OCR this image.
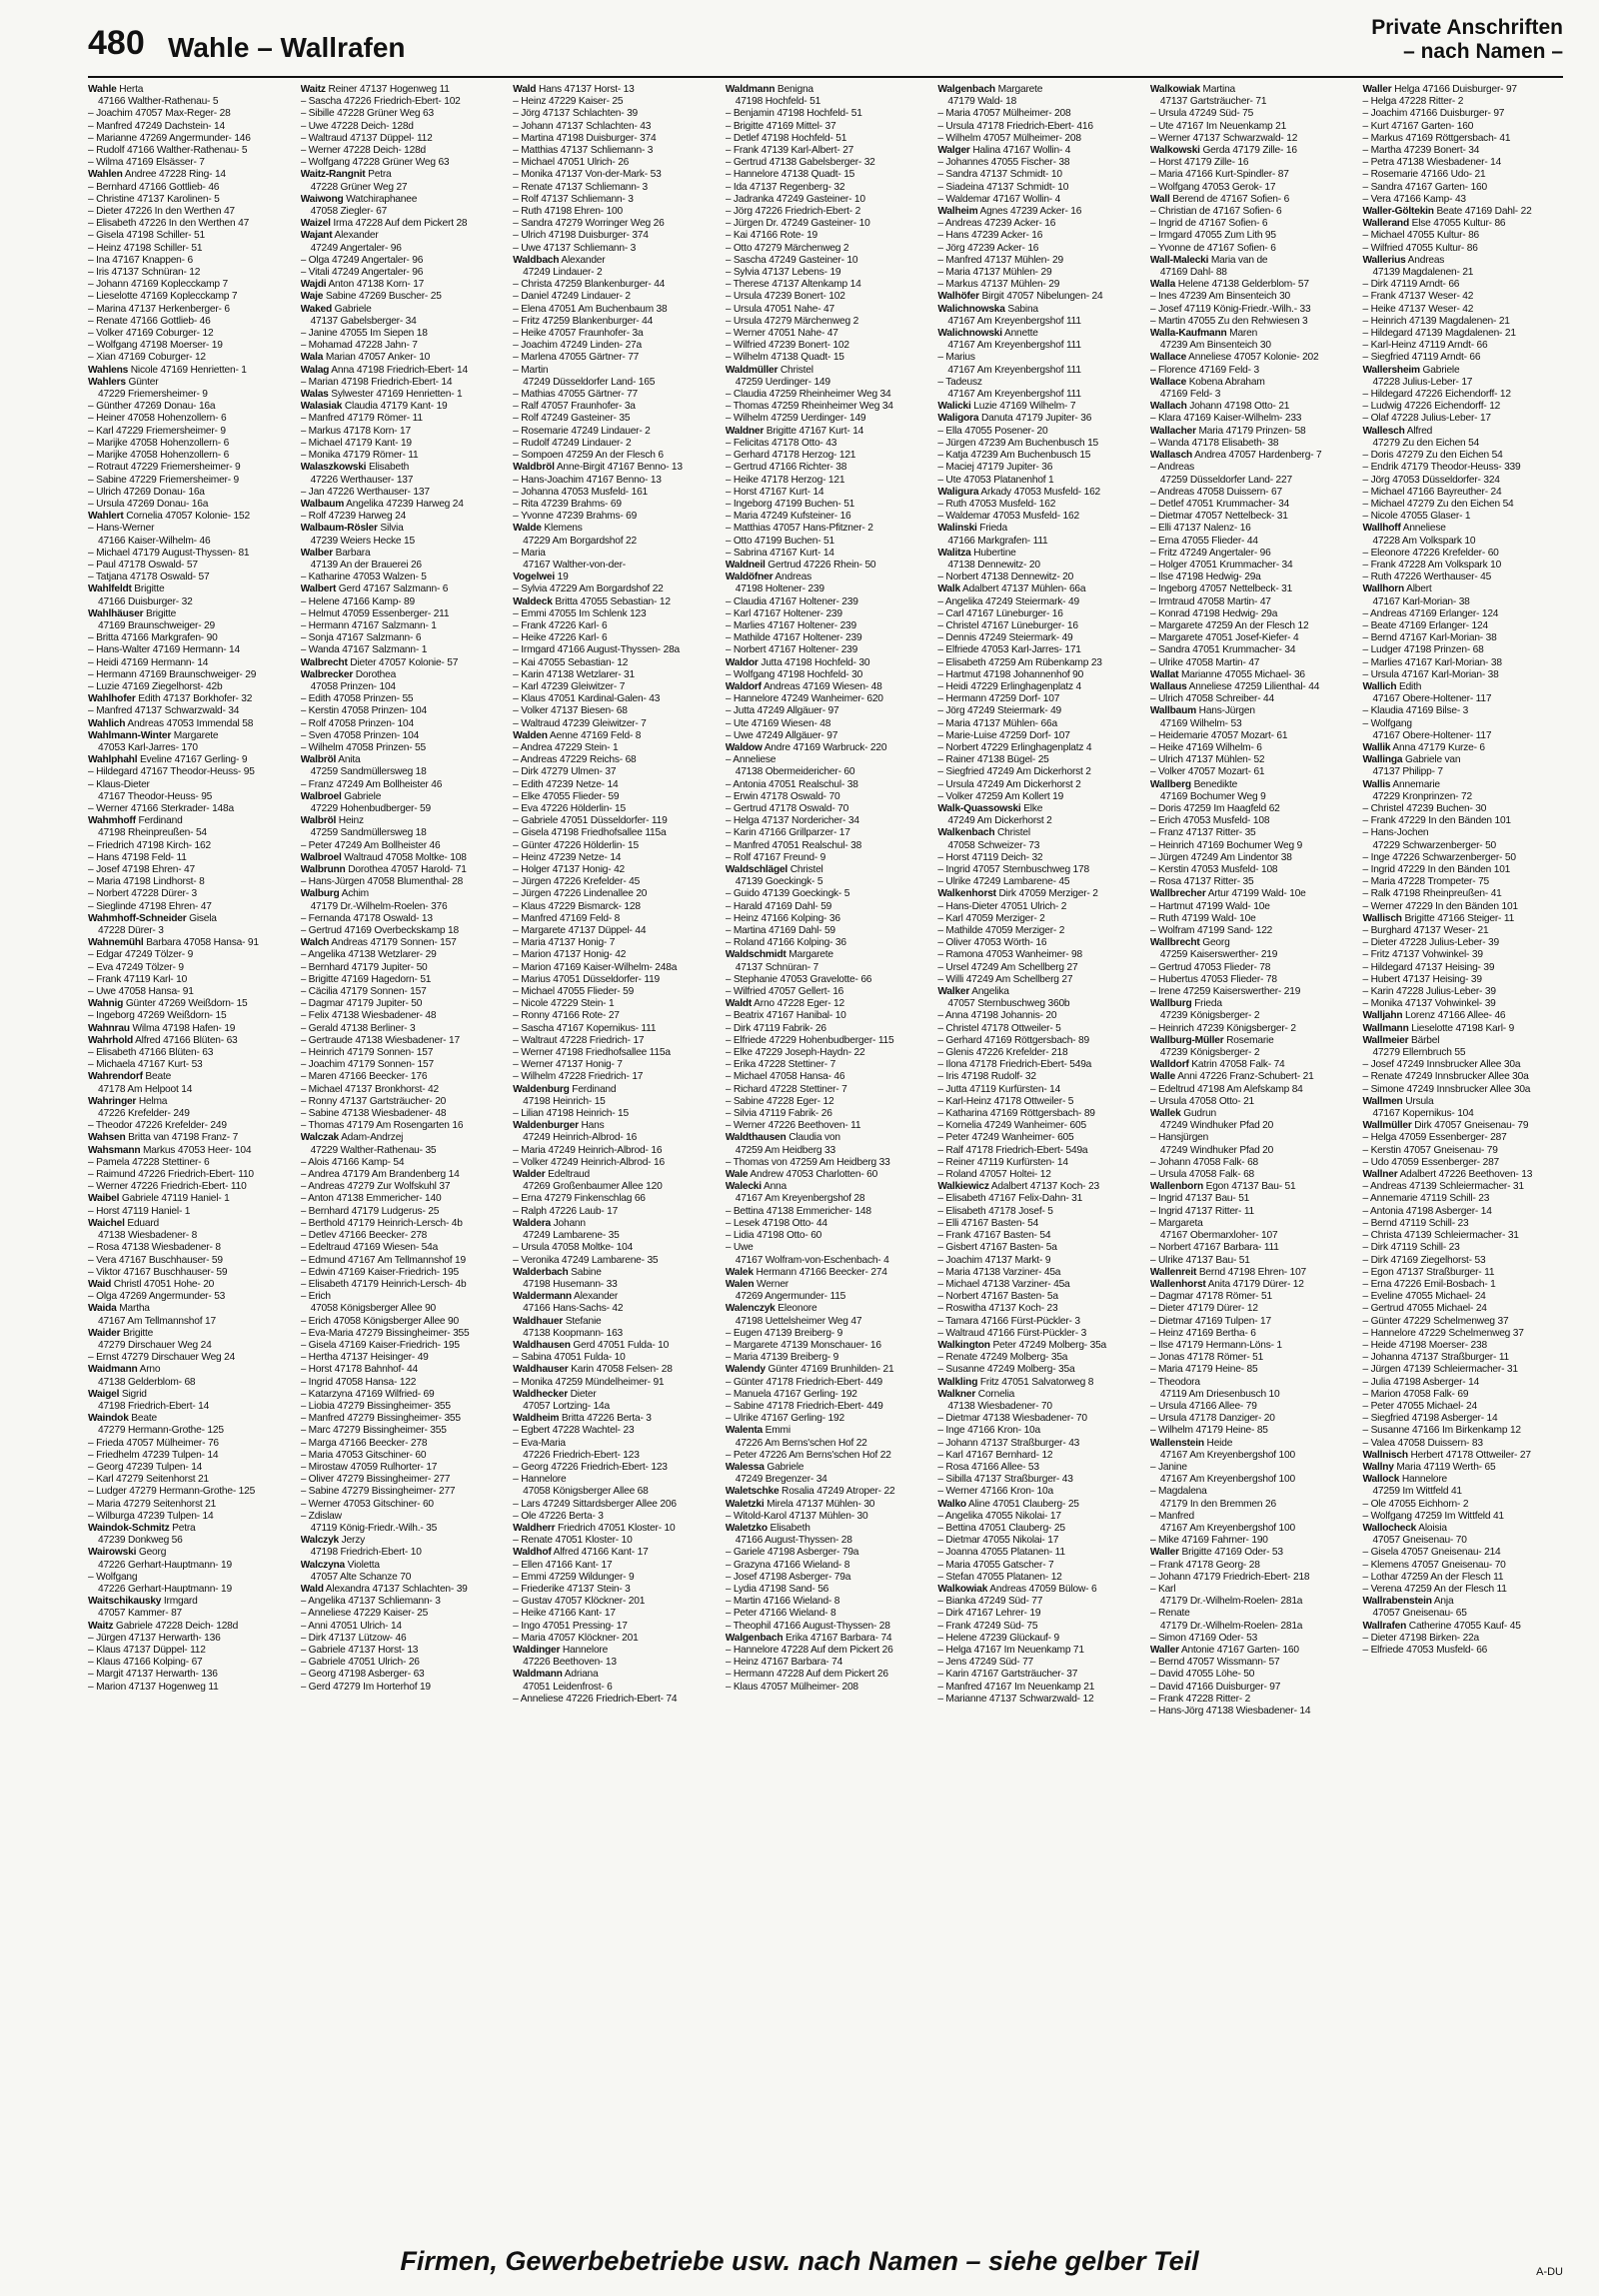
480 Wahle – Wallrafen
Private Anschriften
– nach Namen –
Wahle Herta
47166 Walther-Rathenau- 5
– Joachim 47057 Max-Reger- 28
– Manfred 47249 Dachstein- 14
– Marianne 47269 Angermunder- 146
– Rudolf 47166 Walther-Rathenau- 5
– Wilma 47169 Elsässer- 7
Wahlen Andree 47228 Ring- 14
– Bernhard 47166 Gottlieb- 46
– Christine 47137 Karolinen- 5
– Dieter 47226 In den Werthen 47
– Elisabeth 47226 In den Werthen 47
– Gisela 47198 Schiller- 51
– Heinz 47198 Schiller- 51
– Ina 47167 Knappen- 6
– Iris 47137 Schnüran- 12
– Johann 47169 Koplecckamp 7
– Lieselotte 47169 Koplecckamp 7
– Marina 47137 Herkenberger- 6
– Renate 47166 Gottlieb- 46
– Volker 47169 Coburger- 12
– Wolfgang 47198 Moerser- 19
– Xian 47169 Coburger- 12
Wahlens Nicole 47169 Henrietten- 1
Wahlers Günter
47229 Friemersheimer- 9
– Günther 47269 Donau- 16a
– Heiner 47058 Hohenzollern- 6
– Karl 47229 Friemersheimer- 9
– Marijke 47058 Hohenzollern- 6
– Marijke 47058 Hohenzollern- 6
– Rotraut 47229 Friemersheimer- 9
– Sabine 47229 Friemersheimer- 9
– Ulrich 47269 Donau- 16a
– Ursula 47269 Donau- 16a
Wahlert Cornelia 47057 Kolonie- 152
– Hans-Werner
47166 Kaiser-Wilhelm- 46
– Michael 47179 August-Thyssen- 81
– Paul 47178 Oswald- 57
– Tatjana 47178 Oswald- 57
Wahlfeldt Brigitte
47166 Duisburger- 32
Wahlhäuser Brigitte
47169 Braunschweiger- 29
– Britta 47166 Markgrafen- 90
– Hans-Walter 47169 Hermann- 14
– Heidi 47169 Hermann- 14
– Hermann 47169 Braunschweiger- 29
– Luzie 47169 Ziegelhorst- 42b
Wahlhofer Edith 47137 Borkhofer- 32
– Manfred 47137 Schwarzwald- 34
Wahlich Andreas 47053 Immendal 58
Wahlmann-Winter Margarete
47053 Karl-Jarres- 170
Wahlphahl Eveline 47167 Gerling- 9
– Hildegard 47167 Theodor-Heuss- 95
– Klaus-Dieter
47167 Theodor-Heuss- 95
– Werner 47166 Sterkrader- 148a
Wahmhoff Ferdinand
47198 Rheinpreußen- 54
– Friedrich 47198 Kirch- 162
– Hans 47198 Feld- 11
– Josef 47198 Ehren- 47
– Maria 47198 Lindhorst- 8
– Norbert 47228 Dürer- 3
– Sieglinde 47198 Ehren- 47
Wahmhoff-Schneider Gisela
47228 Dürer- 3
Wahnemühl Barbara 47058 Hansa- 91
– Edgar 47249 Tölzer- 9
– Eva 47249 Tölzer- 9
– Frank 47119 Karl- 10
– Uwe 47058 Hansa- 91
Wahnig Günter 47269 Weißdorn- 15
– Ingeborg 47269 Weißdorn- 15
Wahnrau Wilma 47198 Hafen- 19
Wahrhold Alfred 47166 Blüten- 63
– Elisabeth 47166 Blüten- 63
– Michaela 47167 Kurt- 53
Wahrendorf Beate
47178 Am Helpoot 14
Wahringer Helma
47226 Krefelder- 249
– Theodor 47226 Krefelder- 249
Wahsen Britta van 47198 Franz- 7
Wahsmann Markus 47053 Heer- 104
– Pamela 47228 Stettiner- 6
– Raimund 47226 Friedrich-Ebert- 110
– Werner 47226 Friedrich-Ebert- 110
Waibel Gabriele 47119 Haniel- 1
– Horst 47119 Haniel- 1
Waichel Eduard
47138 Wiesbadener- 8
– Rosa 47138 Wiesbadener- 8
– Vera 47167 Buschhauser- 59
– Viktor 47167 Buschhauser- 59
Waid Christl 47051 Hohe- 20
– Olga 47269 Angermunder- 53
Waida Martha
47167 Am Tellmannshof 17
Waider Brigitte
47279 Dirschauer Weg 24
– Ernst 47279 Dirschauer Weg 24
Waidmann Arno
47138 Gelderblom- 68
Waigel Sigrid
47198 Friedrich-Ebert- 14
Waindok Beate
47279 Hermann-Grothe- 125
– Frieda 47057 Mülheimer- 76
– Friedhelm 47239 Tulpen- 14
– Georg 47239 Tulpen- 14
– Karl 47279 Seitenhorst 21
– Ludger 47279 Hermann-Grothe- 125
– Maria 47279 Seitenhorst 21
– Wilburga 47239 Tulpen- 14
Waindok-Schmitz Petra
47239 Donkweg 56
Wairowski Georg
47226 Gerhart-Hauptmann- 19
– Wolfgang
47226 Gerhart-Hauptmann- 19
Waitschikausky Irmgard
47057 Kammer- 87
Waitz Gabriele 47228 Deich- 128d
– Jürgen 47137 Herwarth- 136
– Klaus 47137 Düppel- 112
– Klaus 47166 Kolping- 67
– Margit 47137 Herwarth- 136
– Marion 47137 Hogenweg 11
Waitz Reiner 47137 Hogenweg 11
– Sascha 47226 Friedrich-Ebert- 102
– Sibille 47228 Grüner Weg 63
– Uwe 47228 Deich- 128d
– Waltraud 47137 Düppel- 112
– Werner 47228 Deich- 128d
– Wolfgang 47228 Grüner Weg 63
Waitz-Rangnit Petra
47228 Grüner Weg 27
Waiwong Watchiraphanee
47058 Ziegler- 67
Waizel Irma 47228 Auf dem Pickert 28
Wajant Alexander
47249 Angertaler- 96
– Olga 47249 Angertaler- 96
– Vitali 47249 Angertaler- 96
Wajdi Anton 47138 Korn- 17
Waje Sabine 47269 Buscher- 25
Waked Gabriele
47137 Gabelsberger- 34
– Janine 47055 Im Siepen 18
– Mohamad 47228 Jahn- 7
Wala Marian 47057 Anker- 10
Walag Anna 47198 Friedrich-Ebert- 14
– Marian 47198 Friedrich-Ebert- 14
Walas Sylwester 47169 Henrietten- 1
Walasiak Claudia 47179 Kant- 19
– Manfred 47179 Römer- 11
– Markus 47178 Korn- 17
– Michael 47179 Kant- 19
– Monika 47179 Römer- 11
Walaszkowski Elisabeth
47226 Werthauser- 137
– Jan 47226 Werthauser- 137
Walbaum Angelika 47239 Harweg 24
– Rolf 47239 Harweg 24
Walbaum-Rösler Silvia
47239 Weiers Hecke 15
Walber Barbara
47139 An der Brauerei 26
– Katharine 47053 Walzen- 5
Walbert Gerd 47167 Salzmann- 6
– Helene 47166 Kamp- 89
– Helmut 47059 Essenberger- 211
– Hermann 47167 Salzmann- 1
– Sonja 47167 Salzmann- 6
– Wanda 47167 Salzmann- 1
Walbrecht Dieter 47057 Kolonie- 57
Walbrecker Dorothea
47058 Prinzen- 104
– Edith 47058 Prinzen- 55
– Kerstin 47058 Prinzen- 104
– Rolf 47058 Prinzen- 104
– Sven 47058 Prinzen- 104
– Wilhelm 47058 Prinzen- 55
Walbröl Anita
47259 Sandmüllersweg 18
– Franz 47249 Am Bollheister 46
Walbroel Gabriele
47229 Hohenbudberger- 59
Walbröl Heinz
47259 Sandmüllersweg 18
– Peter 47249 Am Bollheister 46
Walbroel Waltraud 47058 Moltke- 108
Walbrunn Dorothea 47057 Harold- 71
– Hans-Jürgen 47058 Blumenthal- 28
Walburg Achim
47179 Dr.-Wilhelm-Roelen- 376
– Fernanda 47178 Oswald- 13
– Gertrud 47169 Overbeckskamp 18
Walch Andreas 47179 Sonnen- 157
– Angelika 47138 Wetzlarer- 29
– Bernhard 47179 Jupiter- 50
– Brigitte 47169 Hagedorn- 51
– Cäcilia 47179 Sonnen- 157
– Dagmar 47179 Jupiter- 50
– Felix 47138 Wiesbadener- 48
– Gerald 47138 Berliner- 3
– Gertraude 47138 Wiesbadener- 17
– Heinrich 47179 Sonnen- 157
– Joachim 47179 Sonnen- 157
– Maren 47166 Beecker- 176
– Michael 47137 Bronkhorst- 42
– Ronny 47137 Gartsträucher- 20
– Sabine 47138 Wiesbadener- 48
– Thomas 47179 Am Rosengarten 16
Walczak Adam-Andrzej
47229 Walther-Rathenau- 35
– Alois 47166 Kamp- 54
– Andrea 47179 Am Brandenberg 14
– Andreas 47279 Zur Wolfskuhl 37
– Anton 47138 Emmericher- 140
– Bernhard 47179 Ludgerus- 25
– Berthold 47179 Heinrich-Lersch- 4b
– Detlev 47166 Beecker- 278
– Edeltraud 47169 Wiesen- 54a
– Edmund 47167 Am Tellmannshof 19
– Edwin 47169 Kaiser-Friedrich- 195
– Elisabeth 47179 Heinrich-Lersch- 4b
– Erich
47058 Königsberger Allee 90
– Erich 47058 Königsberger Allee 90
– Eva-Maria 47279 Bissingheimer- 355
– Gisela 47169 Kaiser-Friedrich- 195
– Hertha 47137 Heisinger- 49
– Horst 47178 Bahnhof- 44
– Ingrid 47058 Hansa- 122
– Katarzyna 47169 Wilfried- 69
– Liobia 47279 Bissingheimer- 355
– Manfred 47279 Bissingheimer- 355
– Marc 47279 Bissingheimer- 355
– Marga 47166 Beecker- 278
– Maria 47053 Gitschiner- 60
– Mirostaw 47059 Rulhorter- 17
– Oliver 47279 Bissingheimer- 277
– Sabine 47279 Bissingheimer- 277
– Werner 47053 Gitschiner- 60
– Zdislaw
47119 König-Friedr.-Wilh.- 35
Walczyk Jerzy
47198 Friedrich-Ebert- 10
Walczyna Violetta
47057 Alte Schanze 70
Wald Alexandra 47137 Schlachten- 39
– Angelika 47137 Schliemann- 3
– Anneliese 47229 Kaiser- 25
– Anni 47051 Ulrich- 14
– Dirk 47137 Lützow- 46
– Gabriele 47137 Horst- 13
– Gabriele 47051 Ulrich- 26
– Georg 47198 Asberger- 63
– Gerd 47279 Im Horterhof 19
Wald Hans 47137 Horst- 13
– Heinz 47229 Kaiser- 25
– Jörg 47137 Schlachten- 39
– Johann 47137 Schlachten- 43
– Martina 47198 Duisburger- 374
– Matthias 47137 Schliemann- 3
– Michael 47051 Ulrich- 26
– Monika 47137 Von-der-Mark- 53
– Renate 47137 Schliemann- 3
– Rolf 47137 Schliemann- 3
– Ruth 47198 Ehren- 100
– Sandra 47279 Worringer Weg 26
– Ulrich 47198 Duisburger- 374
– Uwe 47137 Schliemann- 3
Waldbach Alexander
47249 Lindauer- 2
– Christa 47259 Blankenburger- 44
– Daniel 47249 Lindauer- 2
– Elena 47051 Am Buchenbaum 38
– Fritz 47259 Blankenburger- 44
– Heike 47057 Fraunhofer- 3a
– Joachim 47249 Linden- 27a
– Marlena 47055 Gärtner- 77
– Martin
47249 Düsseldorfer Land- 165
– Mathias 47055 Gärtner- 77
– Ralf 47057 Fraunhofer- 3a
– Rolf 47249 Gasteiner- 35
– Rosemarie 47249 Lindauer- 2
– Rudolf 47249 Lindauer- 2
– Sompoen 47259 An der Flesch 6
Waldbröl Anne-Birgit 47167 Benno- 13
– Hans-Joachim 47167 Benno- 13
– Johanna 47053 Musfeld- 161
– Rita 47239 Brahms- 69
– Yvonne 47239 Brahms- 69
Walde Klemens
47229 Am Borgardshof 22
– Maria
47167 Walther-von-der-
Vogelwei 19
– Sylvia 47229 Am Borgardshof 22
Waldeck Britta 47055 Sebastian- 12
– Emmi 47055 Im Schlenk 123
– Frank 47226 Karl- 6
– Heike 47226 Karl- 6
– Irmgard 47166 August-Thyssen- 28a
– Kai 47055 Sebastian- 12
– Karin 47138 Wetzlarer- 31
– Karl 47239 Gleiwitzer- 7
– Klaus 47051 Kardinal-Galen- 43
– Volker 47137 Biesen- 68
– Waltraud 47239 Gleiwitzer- 7
Walden Aenne 47169 Feld- 8
– Andrea 47229 Stein- 1
– Andreas 47229 Reichs- 68
– Dirk 47279 Ulmen- 37
– Edith 47239 Netze- 14
– Elke 47055 Flieder- 59
– Eva 47226 Hölderlin- 15
– Gabriele 47051 Düsseldorfer- 119
– Gisela 47198 Friedhofsallee 115a
– Günter 47226 Hölderlin- 15
– Heinz 47239 Netze- 14
– Holger 47137 Honig- 42
– Jürgen 47226 Krefelder- 45
– Jürgen 47226 Lindenallee 20
– Klaus 47229 Bismarck- 128
– Manfred 47169 Feld- 8
– Margarete 47137 Düppel- 44
– Maria 47137 Honig- 7
– Marion 47137 Honig- 42
– Marion 47169 Kaiser-Wilhelm- 248a
– Marius 47051 Düsseldorfer- 119
– Michael 47055 Flieder- 59
– Nicole 47229 Stein- 1
– Ronny 47166 Rote- 27
– Sascha 47167 Kopernikus- 111
– Waltraut 47228 Friedrich- 17
– Werner 47198 Friedhofsallee 115a
– Werner 47137 Honig- 7
– Wilhelm 47228 Friedrich- 17
Waldenburg Ferdinand
47198 Heinrich- 15
– Lilian 47198 Heinrich- 15
Waldenburger Hans
47249 Heinrich-Albrod- 16
– Maria 47249 Heinrich-Albrod- 16
– Volker 47249 Heinrich-Albrod- 16
Walder Edeltraud
47269 Großenbaumer Allee 120
– Erna 47279 Finkenschlag 66
– Ralph 47226 Laub- 17
Waldera Johann
47249 Lambarene- 35
– Ursula 47058 Moltke- 104
– Veronika 47249 Lambarene- 35
Walderbach Sabine
47198 Husemann- 33
Waldermann Alexander
47166 Hans-Sachs- 42
Waldhauer Stefanie
47138 Koopmann- 163
Waldhausen Gerd 47051 Fulda- 10
– Sabina 47051 Fulda- 10
Waldhauser Karin 47058 Felsen- 28
– Monika 47259 Mündelheimer- 91
Waldhecker Dieter
47057 Lortzing- 14a
Waldheim Britta 47226 Berta- 3
– Egbert 47228 Wachtel- 23
– Eva-Maria
47226 Friedrich-Ebert- 123
– Georg 47226 Friedrich-Ebert- 123
– Hannelore
47058 Königsberger Allee 68
– Lars 47249 Sittardsberger Allee 206
– Ole 47226 Berta- 3
Waldherr Friedrich 47051 Kloster- 10
– Renate 47051 Kloster- 10
Waldhof Alfred 47166 Kant- 17
– Ellen 47166 Kant- 17
– Emmi 47259 Wildunger- 9
– Friederike 47137 Stein- 3
– Gustav 47057 Klöckner- 201
– Heike 47166 Kant- 17
– Ingo 47051 Pressing- 17
– Maria 47057 Klöckner- 201
Waldinger Hannelore
47226 Beethoven- 13
Waldmann Adriana
47051 Leidenfrost- 6
– Anneliese 47226 Friedrich-Ebert- 74
Waldmann Benigna
47198 Hochfeld- 51
– Benjamin 47198 Hochfeld- 51
– Brigitte 47169 Mittel- 37
– Detlef 47198 Hochfeld- 51
– Frank 47139 Karl-Albert- 27
– Gertrud 47138 Gabelsberger- 32
– Hannelore 47138 Quadt- 15
– Ida 47137 Regenberg- 32
– Jadranka 47249 Gasteiner- 10
– Jörg 47226 Friedrich-Ebert- 2
– Jürgen Dr. 47249 Gasteiner- 10
– Kai 47166 Rote- 19
– Otto 47279 Märchenweg 2
– Sascha 47249 Gasteiner- 10
– Sylvia 47137 Lebens- 19
– Therese 47137 Altenkamp 14
– Ursula 47239 Bonert- 102
– Ursula 47051 Nahe- 47
– Ursula 47279 Märchenweg 2
– Werner 47051 Nahe- 47
– Wilfried 47239 Bonert- 102
– Wilhelm 47138 Quadt- 15
Waldmüller Christel
47259 Uerdinger- 149
– Claudia 47259 Rheinheimer Weg 34
– Thomas 47259 Rheinheimer Weg 34
– Wilhelm 47259 Uerdinger- 149
Waldner Brigitte 47167 Kurt- 14
– Felicitas 47178 Otto- 43
– Gerhard 47178 Herzog- 121
– Gertrud 47166 Richter- 38
– Heike 47178 Herzog- 121
– Horst 47167 Kurt- 14
– Ingeborg 47199 Buchen- 51
– Maria 47249 Kufsteiner- 16
– Matthias 47057 Hans-Pfitzner- 2
– Otto 47199 Buchen- 51
– Sabrina 47167 Kurt- 14
Waldneil Gertrud 47226 Rhein- 50
Waldöfner Andreas
47198 Holtener- 239
– Claudia 47167 Holtener- 239
– Karl 47167 Holtener- 239
– Marlies 47167 Holtener- 239
– Mathilde 47167 Holtener- 239
– Norbert 47167 Holtener- 239
Waldor Jutta 47198 Hochfeld- 30
– Wolfgang 47198 Hochfeld- 30
Waldorf Andreas 47169 Wiesen- 48
– Hannelore 47249 Wanheimer- 620
– Jutta 47249 Allgäuer- 97
– Ute 47169 Wiesen- 48
– Uwe 47249 Allgäuer- 97
Waldow Andre 47169 Warbruck- 220
– Anneliese
47138 Obermeidericher- 60
– Antonia 47051 Realschul- 38
– Erwin 47178 Oswald- 70
– Gertrud 47178 Oswald- 70
– Helga 47137 Nordericher- 34
– Karin 47166 Grillparzer- 17
– Manfred 47051 Realschul- 38
– Rolf 47167 Freund- 9
Waldschlägel Christel
47139 Goeckingk- 5
– Guido 47139 Goeckingk- 5
– Harald 47169 Dahl- 59
– Heinz 47166 Kolping- 36
– Martina 47169 Dahl- 59
– Roland 47166 Kolping- 36
Waldschmidt Margarete
47137 Schnüran- 7
– Stephanie 47053 Gravelotte- 66
– Wilfried 47057 Gellert- 16
Waldt Arno 47228 Eger- 12
– Beatrix 47167 Hanibal- 10
– Dirk 47119 Fabrik- 26
– Elfriede 47229 Hohenbudberger- 115
– Elke 47229 Joseph-Haydn- 22
– Erika 47228 Stettiner- 7
– Michael 47058 Hansa- 46
– Richard 47228 Stettiner- 7
– Sabine 47228 Eger- 12
– Silvia 47119 Fabrik- 26
– Werner 47226 Beethoven- 11
Waldthausen Claudia von
47259 Am Heidberg 33
– Thomas von 47259 Am Heidberg 33
Wale Andrew 47053 Charlotten- 60
Walecki Anna
47167 Am Kreyenbergshof 28
– Bettina 47138 Emmericher- 148
– Lesek 47198 Otto- 44
– Lidia 47198 Otto- 60
– Uwe
47167 Wolfram-von-Eschenbach- 4
Walek Hermann 47166 Beecker- 274
Walen Werner
47269 Angermunder- 115
Walenczyk Eleonore
47198 Uettelsheimer Weg 47
– Eugen 47139 Breiberg- 9
– Margarete 47139 Monschauer- 16
– Maria 47139 Breiberg- 9
Walendy Günter 47169 Brunhilden- 21
– Günter 47178 Friedrich-Ebert- 449
– Manuela 47167 Gerling- 192
– Sabine 47178 Friedrich-Ebert- 449
– Ulrike 47167 Gerling- 192
Walenta Emmi
47226 Am Berns'schen Hof 22
– Peter 47226 Am Berns'schen Hof 22
Walessa Gabriele
47249 Bregenzer- 34
Waletschke Rosalia 47249 Atroper- 22
Waletzki Mirela 47137 Mühlen- 30
– Witold-Karol 47137 Mühlen- 30
Waletzko Elisabeth
47166 August-Thyssen- 28
– Gariele 47198 Asberger- 79a
– Grazyna 47166 Wieland- 8
– Josef 47198 Asberger- 79a
– Lydia 47198 Sand- 56
– Martin 47166 Wieland- 8
– Peter 47166 Wieland- 8
– Theophil 47166 August-Thyssen- 28
Walgenbach Erika 47167 Barbara- 74
– Hannelore 47228 Auf dem Pickert 26
– Heinz 47167 Barbara- 74
– Hermann 47228 Auf dem Pickert 26
– Klaus 47057 Mülheimer- 208
Walgenbach Margarete
47179 Wald- 18
– Maria 47057 Mülheimer- 208
– Ursula 47178 Friedrich-Ebert- 416
– Wilhelm 47057 Mülheimer- 208
Walger Halina 47167 Wollin- 4
– Johannes 47055 Fischer- 38
– Sandra 47137 Schmidt- 10
– Siadeina 47137 Schmidt- 10
– Waldemar 47167 Wollin- 4
Walheim Agnes 47239 Acker- 16
– Andreas 47239 Acker- 16
– Hans 47239 Acker- 16
– Jörg 47239 Acker- 16
– Manfred 47137 Mühlen- 29
– Maria 47137 Mühlen- 29
– Markus 47137 Mühlen- 29
Walhöfer Birgit 47057 Nibelungen- 24
Walichnowska Sabina
47167 Am Kreyenbergshof 111
Walichnowski Annette
47167 Am Kreyenbergshof 111
– Marius
47167 Am Kreyenbergshof 111
– Tadeusz
47167 Am Kreyenbergshof 111
Walicki Luzie 47169 Wilhelm- 7
Waligora Danuta 47179 Jupiter- 36
– Ella 47055 Posener- 20
– Jürgen 47239 Am Buchenbusch 15
– Katja 47239 Am Buchenbusch 15
– Maciej 47179 Jupiter- 36
– Ute 47053 Platanenhof 1
Waligura Arkady 47053 Musfeld- 162
– Ruth 47053 Musfeld- 162
– Waldemar 47053 Musfeld- 162
Walinski Frieda
47166 Markgrafen- 111
Walitza Hubertine
47138 Dennewitz- 20
– Norbert 47138 Dennewitz- 20
Walk Adalbert 47137 Mühlen- 66a
– Angelika 47249 Steiermark- 49
– Carl 47167 Lüneburger- 16
– Christel 47167 Lüneburger- 16
– Dennis 47249 Steiermark- 49
– Elfriede 47053 Karl-Jarres- 171
– Elisabeth 47259 Am Rübenkamp 23
– Hartmut 47198 Johannenhof 90
– Heidi 47229 Erlinghagenplatz 4
– Hermann 47259 Dorf- 107
– Jörg 47249 Steiermark- 49
– Maria 47137 Mühlen- 66a
– Marie-Luise 47259 Dorf- 107
– Norbert 47229 Erlinghagenplatz 4
– Rainer 47138 Bügel- 25
– Siegfried 47249 Am Dickerhorst 2
– Ursula 47249 Am Dickerhorst 2
– Volker 47259 Am Kollert 19
Walk-Quassowski Elke
47249 Am Dickerhorst 2
Walkenbach Christel
47058 Schweizer- 73
– Horst 47119 Deich- 32
– Ingrid 47057 Sternbuschweg 178
– Ulrike 47249 Lambarene- 45
Walkenhorst Dirk 47059 Merziger- 2
– Hans-Dieter 47051 Ulrich- 2
– Karl 47059 Merziger- 2
– Mathilde 47059 Merziger- 2
– Oliver 47053 Wörth- 16
– Ramona 47053 Wanheimer- 98
– Ursel 47249 Am Schellberg 27
– Willi 47249 Am Schellberg 27
Walker Angelika
47057 Sternbuschweg 360b
– Anna 47198 Johannis- 20
– Christel 47178 Ottweiler- 5
– Gerhard 47169 Röttgersbach- 89
– Glenis 47226 Krefelder- 218
– Ilona 47178 Friedrich-Ebert- 549a
– Iris 47198 Rudolf- 32
– Jutta 47119 Kurfürsten- 14
– Karl-Heinz 47178 Ottweiler- 5
– Katharina 47169 Röttgersbach- 89
– Kornelia 47249 Wanheimer- 605
– Peter 47249 Wanheimer- 605
– Ralf 47178 Friedrich-Ebert- 549a
– Reiner 47119 Kurfürsten- 14
– Roland 47057 Holtei- 12
Walkiewicz Adalbert 47137 Koch- 23
– Elisabeth 47167 Felix-Dahn- 31
– Elisabeth 47178 Josef- 5
– Elli 47167 Basten- 54
– Frank 47167 Basten- 54
– Gisbert 47167 Basten- 5a
– Joachim 47137 Markt- 9
– Maria 47138 Varziner- 45a
– Michael 47138 Varziner- 45a
– Norbert 47167 Basten- 5a
– Roswitha 47137 Koch- 23
– Tamara 47166 Fürst-Pückler- 3
– Waltraud 47166 Fürst-Pückler- 3
Walkington Peter 47249 Molberg- 35a
– Renate 47249 Molberg- 35a
– Susanne 47249 Molberg- 35a
Walkling Fritz 47051 Salvatorweg 8
Walkner Cornelia
47138 Wiesbadener- 70
– Dietmar 47138 Wiesbadener- 70
– Inge 47166 Kron- 10a
– Johann 47137 Straßburger- 43
– Karl 47167 Bernhard- 12
– Rosa 47166 Allee- 53
– Sibilla 47137 Straßburger- 43
– Werner 47166 Kron- 10a
Walko Aline 47051 Clauberg- 25
– Angelika 47055 Nikolai- 17
– Bettina 47051 Clauberg- 25
– Dietmar 47055 Nikolai- 17
– Joanna 47055 Platanen- 11
– Maria 47055 Gatscher- 7
– Stefan 47055 Platanen- 12
Walkowiak Andreas 47059 Bülow- 6
– Bianka 47249 Süd- 77
– Dirk 47167 Lehrer- 19
– Frank 47249 Süd- 75
– Helene 47239 Glückauf- 9
– Helga 47167 Im Neuenkamp 71
– Jens 47249 Süd- 77
– Karin 47167 Gartsträucher- 37
– Manfred 47167 Im Neuenkamp 21
– Marianne 47137 Schwarzwald- 12
Walkowiak Martina
47137 Gartsträucher- 71
– Ursula 47249 Süd- 75
– Ute 47167 Im Neuenkamp 21
– Werner 47137 Schwarzwald- 12
Walkowski Gerda 47179 Zille- 16
– Horst 47179 Zille- 16
– Maria 47166 Kurt-Spindler- 87
– Wolfgang 47053 Gerok- 17
Wall Berend de 47167 Sofien- 6
– Christian de 47167 Sofien- 6
– Ingrid de 47167 Sofien- 6
– Irmgard 47055 Zum Lith 95
– Yvonne de 47167 Sofien- 6
Wall-Malecki Maria van de
47169 Dahl- 88
Walla Helene 47138 Gelderblom- 57
– Ines 47239 Am Binsenteich 30
– Josef 47119 König-Friedr.-Wilh.- 33
– Martin 47055 Zu den Rehwiesen 3
Walla-Kaufmann Maren
47239 Am Binsenteich 30
Wallace Anneliese 47057 Kolonie- 202
– Florence 47169 Feld- 3
Wallace Kobena Abraham
47169 Feld- 3
Wallach Johann 47198 Otto- 21
– Klara 47169 Kaiser-Wilhelm- 233
Wallacher Maria 47179 Prinzen- 58
– Wanda 47178 Elisabeth- 38
Wallasch Andrea 47057 Hardenberg- 7
– Andreas
47259 Düsseldorfer Land- 227
– Andreas 47058 Duissern- 67
– Detlef 47051 Krummacher- 34
– Dietmar 47057 Nettelbeck- 31
– Elli 47137 Nalenz- 16
– Erna 47055 Flieder- 44
– Fritz 47249 Angertaler- 96
– Holger 47051 Krummacher- 34
– Ilse 47198 Hedwig- 29a
– Ingeborg 47057 Nettelbeck- 31
– Irmtraud 47058 Martin- 47
– Konrad 47198 Hedwig- 29a
– Margarete 47259 An der Flesch 12
– Margarete 47051 Josef-Kiefer- 4
– Sandra 47051 Krummacher- 34
– Ulrike 47058 Martin- 47
Wallat Marianne 47055 Michael- 36
Wallaus Anneliese 47259 Lilienthal- 44
– Ulrich 47058 Schreiber- 44
Wallbaum Hans-Jürgen
47169 Wilhelm- 53
– Heidemarie 47057 Mozart- 61
– Heike 47169 Wilhelm- 6
– Ulrich 47137 Mühlen- 52
– Volker 47057 Mozart- 61
Wallberg Benedikte
47169 Bochumer Weg 9
– Doris 47259 Im Haagfeld 62
– Erich 47053 Musfeld- 108
– Franz 47137 Ritter- 35
– Heinrich 47169 Bochumer Weg 9
– Jürgen 47249 Am Lindentor 38
– Kerstin 47053 Musfeld- 108
– Rosa 47137 Ritter- 35
Wallbrecher Artur 47199 Wald- 10e
– Hartmut 47199 Wald- 10e
– Ruth 47199 Wald- 10e
– Wolfram 47199 Sand- 122
Wallbrecht Georg
47259 Kaiserswerther- 219
– Gertrud 47053 Flieder- 78
– Hubertus 47053 Flieder- 78
– Irene 47259 Kaiserswerther- 219
Wallburg Frieda
47239 Königsberger- 2
– Heinrich 47239 Königsberger- 2
Wallburg-Müller Rosemarie
47239 Königsberger- 2
Walldorf Katrin 47058 Falk- 74
Walle Anni 47226 Franz-Schubert- 21
– Edeltrud 47198 Am Alefskamp 84
– Ursula 47058 Otto- 21
Wallek Gudrun
47249 Windhuker Pfad 20
– Hansjürgen
47249 Windhuker Pfad 20
– Johann 47058 Falk- 68
– Ursula 47058 Falk- 68
Wallenborn Egon 47137 Bau- 51
– Ingrid 47137 Bau- 51
– Ingrid 47137 Ritter- 11
– Margareta
47167 Obermarxloher- 107
– Norbert 47167 Barbara- 111
– Ulrike 47137 Bau- 51
Wallenreit Bernd 47198 Ehren- 107
Wallenhorst Anita 47179 Dürer- 12
– Dagmar 47178 Römer- 51
– Dieter 47179 Dürer- 12
– Dietmar 47169 Tulpen- 17
– Heinz 47169 Bertha- 6
– Ilse 47179 Hermann-Löns- 1
– Jonas 47178 Römer- 51
– Maria 47179 Heine- 85
– Theodora
47119 Am Driesenbusch 10
– Ursula 47166 Allee- 79
– Ursula 47178 Danziger- 20
– Wilhelm 47179 Heine- 85
Wallenstein Heide
47167 Am Kreyenbergshof 100
– Janine
47167 Am Kreyenbergshof 100
– Magdalena
47179 In den Bremmen 26
– Manfred
47167 Am Kreyenbergshof 100
– Mike 47169 Fahrner- 190
Waller Brigitte 47169 Oder- 53
– Frank 47178 Georg- 28
– Johann 47179 Friedrich-Ebert- 218
– Karl
47179 Dr.-Wilhelm-Roelen- 281a
– Renate
47179 Dr.-Wilhelm-Roelen- 281a
– Simon 47169 Oder- 53
Waller Antonie 47167 Garten- 160
– Bernd 47057 Wissmann- 57
– David 47055 Löhe- 50
– David 47166 Duisburger- 97
– Frank 47228 Ritter- 2
– Hans-Jörg 47138 Wiesbadener- 14
Waller Helga 47166 Duisburger- 97
– Helga 47228 Ritter- 2
– Joachim 47166 Duisburger- 97
– Kurt 47167 Garten- 160
– Markus 47169 Röttgersbach- 41
– Martha 47239 Bonert- 34
– Petra 47138 Wiesbadener- 14
– Rosemarie 47166 Udo- 21
– Sandra 47167 Garten- 160
– Vera 47166 Kamp- 43
Waller-Göltekin Beate 47169 Dahl- 22
Wallerand Else 47055 Kultur- 86
– Michael 47055 Kultur- 86
– Wilfried 47055 Kultur- 86
Wallerius Andreas
47139 Magdalenen- 21
– Dirk 47119 Arndt- 66
– Frank 47137 Weser- 42
– Heike 47137 Weser- 42
– Heinrich 47139 Magdalenen- 21
– Hildegard 47139 Magdalenen- 21
– Karl-Heinz 47119 Arndt- 66
– Siegfried 47119 Arndt- 66
Wallersheim Gabriele
47228 Julius-Leber- 17
– Hildegard 47226 Eichendorff- 12
– Ludwig 47226 Eichendorff- 12
– Olaf 47228 Julius-Leber- 17
Wallesch Alfred
47279 Zu den Eichen 54
– Doris 47279 Zu den Eichen 54
– Endrik 47179 Theodor-Heuss- 339
– Jörg 47053 Düsseldorfer- 324
– Michael 47166 Bayreuther- 24
– Michael 47279 Zu den Eichen 54
– Nicole 47055 Glaser- 1
Wallhoff Anneliese
47228 Am Volkspark 10
– Eleonore 47226 Krefelder- 60
– Frank 47228 Am Volkspark 10
– Ruth 47226 Werthauser- 45
Wallhorn Albert
47167 Karl-Morian- 38
– Andreas 47169 Erlanger- 124
– Beate 47169 Erlanger- 124
– Bernd 47167 Karl-Morian- 38
– Ludger 47198 Prinzen- 68
– Marlies 47167 Karl-Morian- 38
– Ursula 47167 Karl-Morian- 38
Wallich Edith
47167 Obere-Holtener- 117
– Klaudia 47169 Bilse- 3
– Wolfgang
47167 Obere-Holtener- 117
Wallik Anna 47179 Kurze- 6
Wallinga Gabriele van
47137 Philipp- 7
Wallis Annemarie
47229 Kronprinzen- 72
– Christel 47239 Buchen- 30
– Frank 47229 In den Bänden 101
– Hans-Jochen
47229 Schwarzenberger- 50
– Inge 47226 Schwarzenberger- 50
– Ingrid 47229 In den Bänden 101
– Maria 47228 Trompeter- 75
– Ralk 47198 Rheinpreußen- 41
– Werner 47229 In den Bänden 101
Wallisch Brigitte 47166 Steiger- 11
– Burghard 47137 Weser- 21
– Dieter 47228 Julius-Leber- 39
– Fritz 47137 Vohwinkel- 39
– Hildegard 47137 Heising- 39
– Hubert 47137 Heising- 39
– Karin 47228 Julius-Leber- 39
– Monika 47137 Vohwinkel- 39
Walljahn Lorenz 47166 Allee- 46
Wallmann Lieselotte 47198 Karl- 9
Wallmeier Bärbel
47279 Ellernbruch 55
– Josef 47249 Innsbrucker Allee 30a
– Renate 47249 Innsbrucker Allee 30a
– Simone 47249 Innsbrucker Allee 30a
Wallmen Ursula
47167 Kopernikus- 104
Wallmüller Dirk 47057 Gneisenau- 79
– Helga 47059 Essenberger- 287
– Kerstin 47057 Gneisenau- 79
– Udo 47059 Essenberger- 287
Wallner Adalbert 47226 Beethoven- 13
– Andreas 47139 Schleiermacher- 31
– Annemarie 47119 Schill- 23
– Antonia 47198 Asberger- 14
– Bernd 47119 Schill- 23
– Christa 47139 Schleiermacher- 31
– Dirk 47119 Schill- 23
– Dirk 47169 Ziegelhorst- 53
– Egon 47137 Straßburger- 11
– Erna 47226 Emil-Bosbach- 1
– Eveline 47055 Michael- 24
– Gertrud 47055 Michael- 24
– Günter 47229 Schelmenweg 37
– Hannelore 47229 Schelmenweg 37
– Heide 47198 Moerser- 238
– Johanna 47137 Straßburger- 11
– Jürgen 47139 Schleiermacher- 31
– Julia 47198 Asberger- 14
– Marion 47058 Falk- 69
– Peter 47055 Michael- 24
– Siegfried 47198 Asberger- 14
– Susanne 47166 Im Birkenkamp 12
– Valea 47058 Duissern- 83
Wallnisch Herbert 47178 Ottweiler- 27
Wallny Maria 47119 Werth- 65
Wallock Hannelore
47259 Im Wittfeld 41
– Ole 47055 Eichhorn- 2
– Wolfgang 47259 Im Wittfeld 41
Wallocheck Aloisia
47057 Gneisenau- 70
– Gisela 47057 Gneisenau- 214
– Klemens 47057 Gneisenau- 70
– Lothar 47259 An der Flesch 11
– Verena 47259 An der Flesch 11
Wallrabenstein Anja
47057 Gneisenau- 65
Wallrafen Catherine 47055 Kauf- 45
– Dieter 47198 Birken- 22a
– Elfriede 47053 Musfeld- 66
Firmen, Gewerbebetriebe usw. nach Namen – siehe gelber Teil	A-DU
